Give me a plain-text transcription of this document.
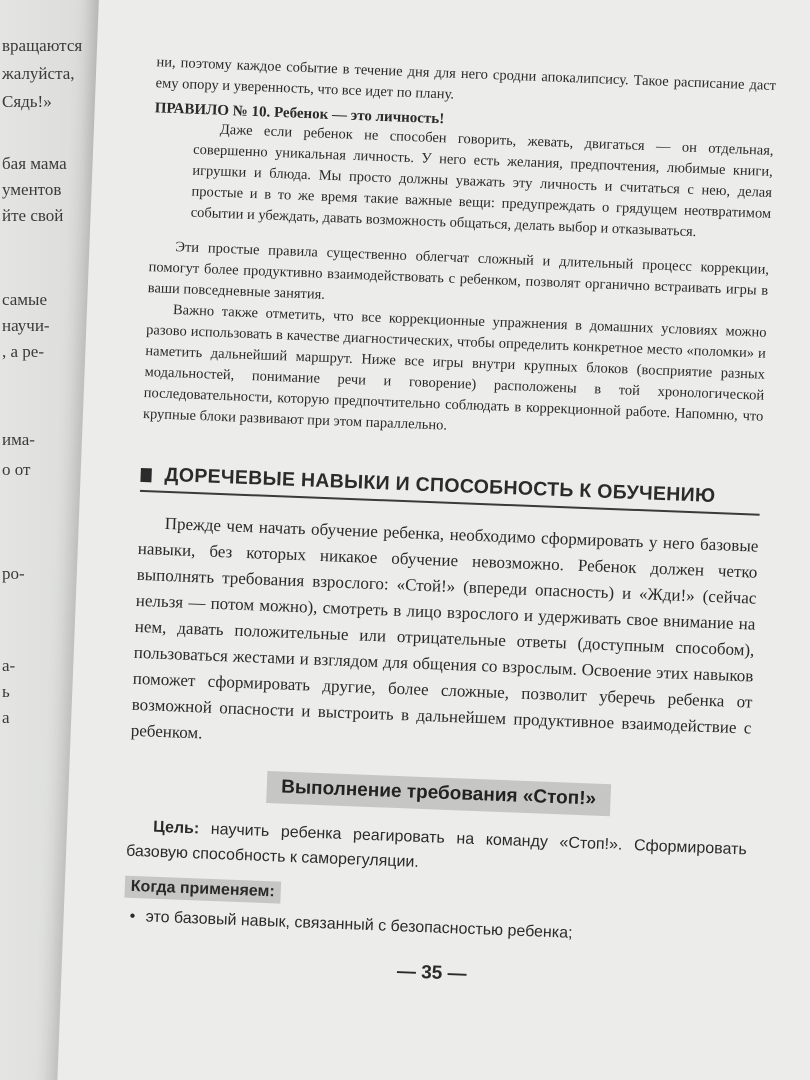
вращаются
жалуйста,
Сядь!»
бая мама
ументов
йте свой
самые
научи-
, а ре-
има-
о от
ро-
а-
ь
а

ни, поэтому каждое событие в течение дня для него сродни апокалипсису. Такое расписание даст ему опору и уверенность, что все идет по плану.

ПРАВИЛО № 10. Ребенок — это личность!

Даже если ребенок не способен говорить, жевать, двигаться — он отдельная, совершенно уникальная личность. У него есть желания, предпочтения, любимые книги, игрушки и блюда. Мы просто должны уважать эту личность и считаться с нею, делая простые и в то же время такие важные вещи: предупреждать о грядущем неотвратимом событии и убеждать, давать возможность общаться, делать выбор и отказываться.

Эти простые правила существенно облегчат сложный и длительный процесс коррекции, помогут более продуктивно взаимодействовать с ребенком, позволят органично встраивать игры в ваши повседневные занятия.

Важно также отметить, что все коррекционные упражнения в домашних условиях можно разово использовать в качестве диагностических, чтобы определить конкретное место «поломки» и наметить дальнейший маршрут. Ниже все игры внутри крупных блоков (восприятие разных модальностей, понимание речи и говорение) расположены в той хронологической последовательности, которую предпочтительно соблюдать в коррекционной работе. Напомню, что крупные блоки развивают при этом параллельно.

ДОРЕЧЕВЫЕ НАВЫКИ И СПОСОБНОСТЬ К ОБУЧЕНИЮ

Прежде чем начать обучение ребенка, необходимо сформировать у него базовые навыки, без которых никакое обучение невозможно. Ребенок должен четко выполнять требования взрослого: «Стой!» (впереди опасность) и «Жди!» (сейчас нельзя — потом можно), смотреть в лицо взрослого и удерживать свое внимание на нем, давать положительные или отрицательные ответы (доступным способом), пользоваться жестами и взглядом для общения со взрослым. Освоение этих навыков поможет сформировать другие, более сложные, позволит уберечь ребенка от возможной опасности и выстроить в дальнейшем продуктивное взаимодействие с ребенком.

Выполнение требования «Стоп!»

Цель: научить ребенка реагировать на команду «Стоп!». Сформировать базовую способность к саморегуляции.

Когда применяем:
• это базовый навык, связанный с безопасностью ребенка;
— 35 —
